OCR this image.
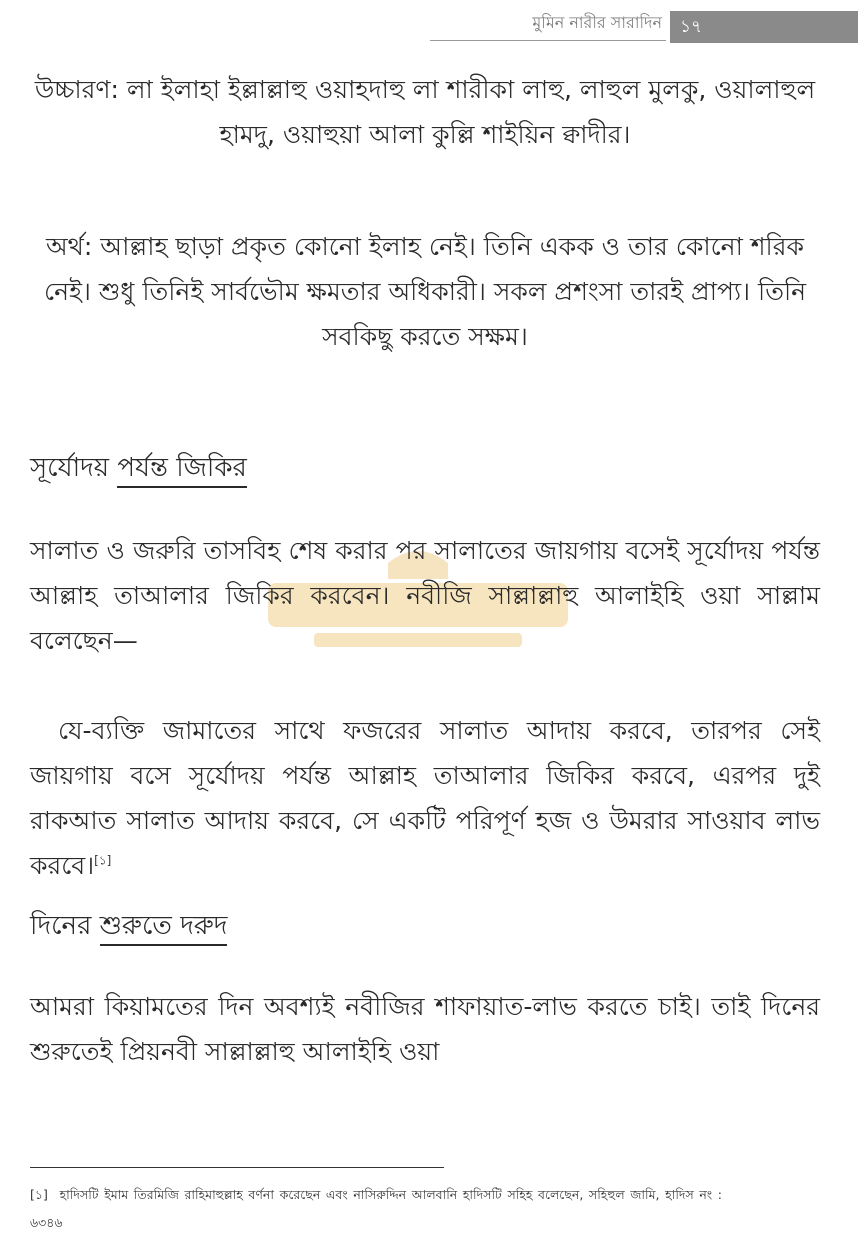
মুমিন নারীর সারাদিন	১৭
উচ্চারণ: লা ইলাহা ইল্লাল্লাহু ওয়াহদাহু লা শারীকা লাহু, লাহুল মুলকু, ওয়ালাহুল হামদু, ওয়াহুয়া আলা কুল্লি শাইয়িন ক্বাদীর।
অর্থ: আল্লাহ ছাড়া প্রকৃত কোনো ইলাহ নেই। তিনি একক ও তার কোনো শরিক নেই। শুধু তিনিই সার্বভৌম ক্ষমতার অধিকারী। সকল প্রশংসা তারই প্রাপ্য। তিনি সবকিছু করতে সক্ষম।
সূর্যোদয় পর্যন্ত জিকির
সালাত ও জরুরি তাসবিহ শেষ করার পর সালাতের জায়গায় বসেই সূর্যোদয় পর্যন্ত আল্লাহ তাআলার জিকির করবেন। নবীজি সাল্লাল্লাহু আলাইহি ওয়া সাল্লাম বলেছেন—
যে-ব্যক্তি জামাতের সাথে ফজরের সালাত আদায় করবে, তারপর সেই জায়গায় বসে সূর্যোদয় পর্যন্ত আল্লাহ তাআলার জিকির করবে, এরপর দুই রাকআত সালাত আদায় করবে, সে একটি পরিপূর্ণ হজ ও উমরার সাওয়াব লাভ করবে।[১]
দিনের শুরুতে দরুদ
আমরা কিয়ামতের দিন অবশ্যই নবীজির শাফায়াত-লাভ করতে চাই। তাই দিনের শুরুতেই প্রিয়নবী সাল্লাল্লাহু আলাইহি ওয়া
[১] হাদিসটি ইমাম তিরমিজি রাহিমাহুল্লাহ বর্ণনা করেছেন এবং নাসিরুদ্দিন আলবানি হাদিসটি সহিহ বলেছেন, সহিহুল জামি, হাদিস নং : ৬৩৪৬
